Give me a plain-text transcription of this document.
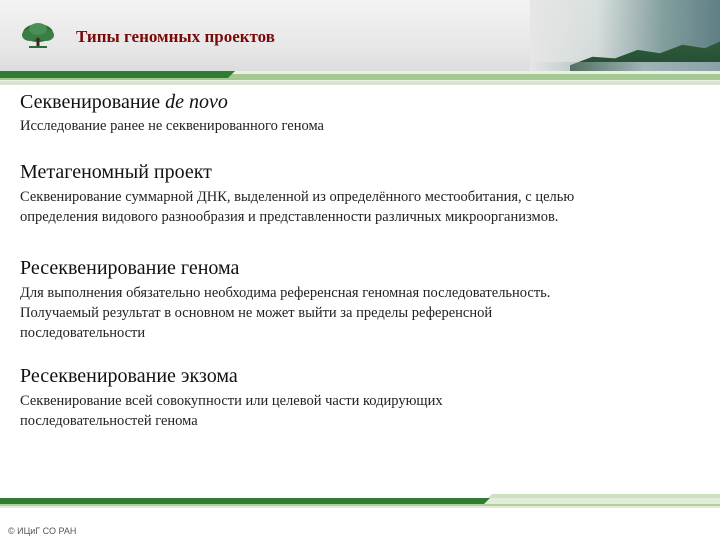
Типы геномных проектов

Секвенирование de novo

Исследование ранее не секвенированного генома

Метагеномный проект

Секвенирование суммарной ДНК, выделенной из определённого местообитания, с целью
определения видового разнообразия и представленности различных микроорганизмов.

Ресеквенирование генома

Для выполнения обязательно необходима референсная геномная последовательность.
Получаемый результат в основном не может выйти за пределы референсной
последовательности

Ресеквенирование экзома

Секвенирование всей совокупности или целевой части кодирующих
последовательностей генома

© ИЦиГ СО РАН
